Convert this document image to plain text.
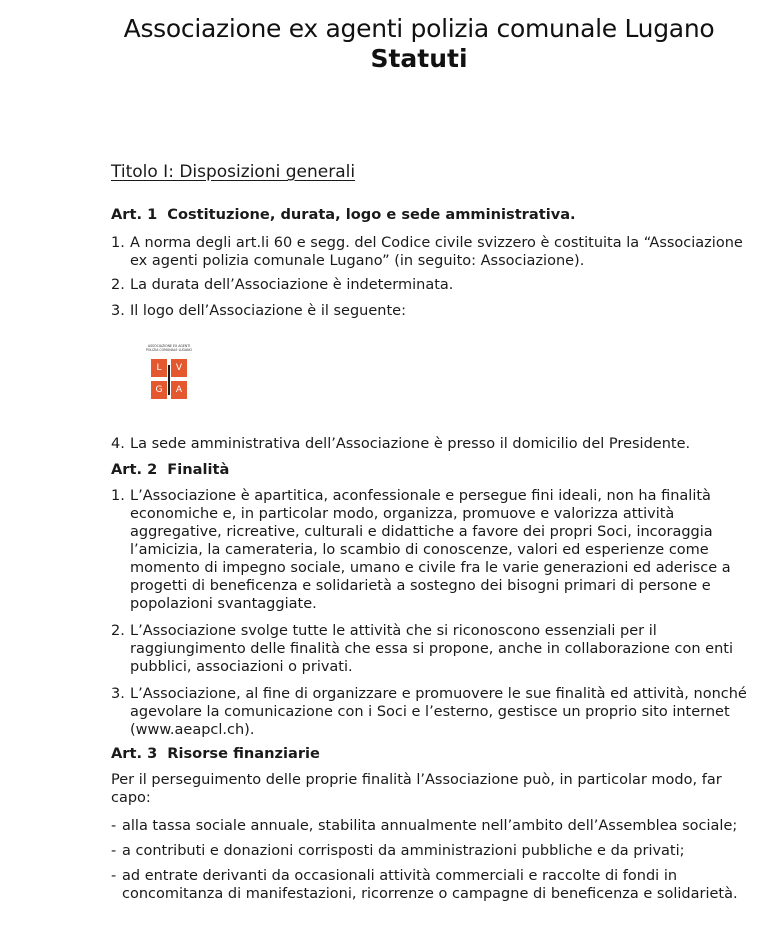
Associazione ex agenti polizia comunale Lugano
Statuti
Titolo I: Disposizioni generali
Art. 1 Costituzione, durata, logo e sede amministrativa.
1. A norma degli art.li 60 e segg. del Codice civile svizzero è costituita la “Associazione ex agenti polizia comunale Lugano” (in seguito: Associazione).
2. La durata dell’Associazione è indeterminata.
3. Il logo dell’Associazione è il seguente:
ASSOCIAZIONE EX AGENTI POLIZIA COMUNALE LUGANO
L	V
G	A
4. La sede amministrativa dell’Associazione è presso il domicilio del Presidente.
Art. 2 Finalità
1. L’Associazione è apartitica, aconfessionale e persegue fini ideali, non ha finalità economiche e, in particolar modo, organizza, promuove e valorizza attività aggregative, ricreative, culturali e didattiche a favore dei propri Soci, incoraggia l’amicizia, la camerateria, lo scambio di conoscenze, valori ed esperienze come momento di impegno sociale, umano e civile fra le varie generazioni ed aderisce a progetti di beneficenza e solidarietà a sostegno dei bisogni primari di persone e popolazioni svantaggiate.
2. L’Associazione svolge tutte le attività che si riconoscono essenziali per il raggiungimento delle finalità che essa si propone, anche in collaborazione con enti pubblici, associazioni o privati.
3. L’Associazione, al fine di organizzare e promuovere le sue finalità ed attività, nonché agevolare la comunicazione con i Soci e l’esterno, gestisce un proprio sito internet (www.aeapcl.ch).
Art. 3 Risorse finanziarie
Per il perseguimento delle proprie finalità l’Associazione può, in particolar modo, far capo:
- alla tassa sociale annuale, stabilita annualmente nell’ambito dell’Assemblea sociale;
- a contributi e donazioni corrisposti da amministrazioni pubbliche e da privati;
- ad entrate derivanti da occasionali attività commerciali e raccolte di fondi in concomitanza di manifestazioni, ricorrenze o campagne di beneficenza e solidarietà.
